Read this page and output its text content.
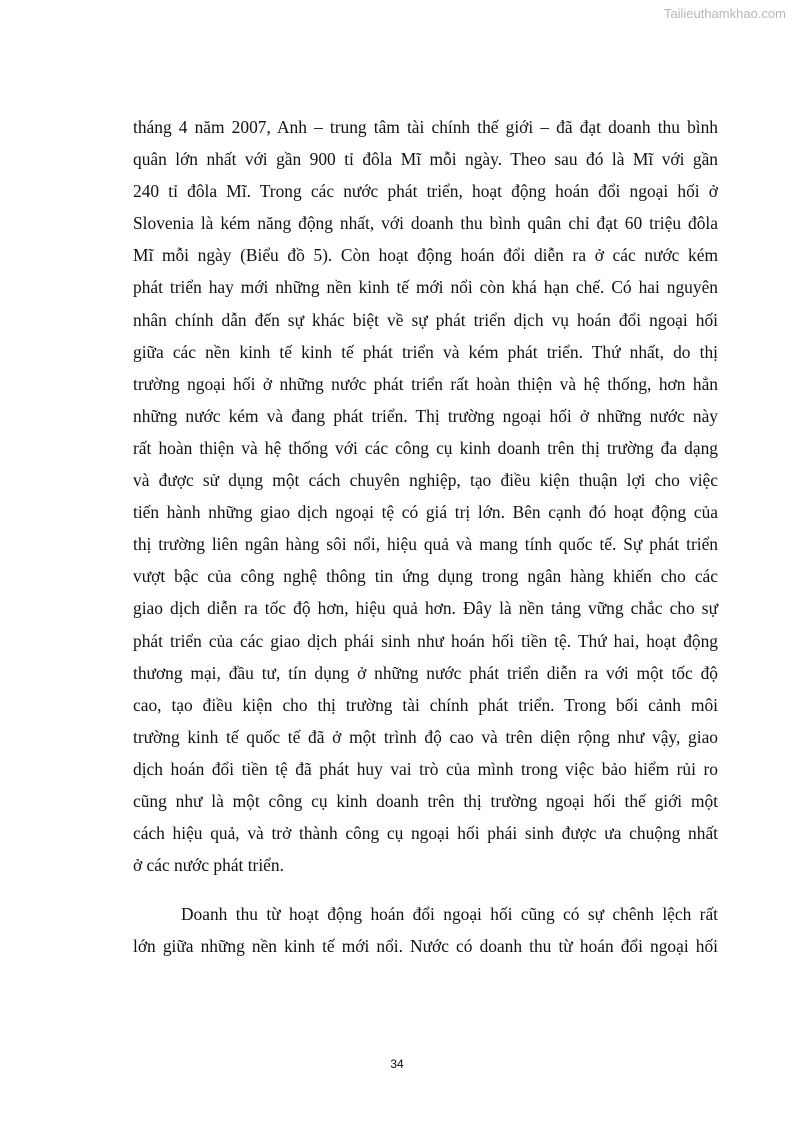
Tailieuthamkhao.com
tháng 4 năm 2007, Anh – trung tâm tài chính thế giới – đã đạt doanh thu bình
quân lớn nhất với gần 900 tỉ đôla Mĩ mỗi ngày. Theo sau đó là Mĩ với gần
240 tỉ đôla Mĩ. Trong các nước phát triển, hoạt động hoán đổi ngoại hối ở
Slovenia là kém năng động nhất, với doanh thu bình quân chỉ đạt 60 triệu đôla
Mĩ mỗi ngày (Biểu đồ 5). Còn hoạt động hoán đổi diễn ra ở các nước kém
phát triển hay mới những nền kinh tế mới nổi còn khá hạn chế. Có hai nguyên
nhân chính dẫn đến sự khác biệt về sự phát triển dịch vụ hoán đổi ngoại hối
giữa các nền kinh tế kinh tế phát triển và kém phát triển. Thứ nhất, do thị
trường ngoại hối ở những nước phát triển rất hoàn thiện và hệ thống, hơn hẳn
những nước kém và đang phát triển. Thị trường ngoại hối ở những nước này
rất hoàn thiện và hệ thống với các công cụ kinh doanh trên thị trường đa dạng
và được sử dụng một cách chuyên nghiệp, tạo điều kiện thuận lợi cho việc
tiến hành những giao dịch ngoại tệ có giá trị lớn. Bên cạnh đó hoạt động của
thị trường liên ngân hàng sôi nổi, hiệu quả và mang tính quốc tế. Sự phát triển
vượt bậc của công nghệ thông tin ứng dụng trong ngân hàng khiến cho các
giao dịch diễn ra tốc độ hơn, hiệu quả hơn. Đây là nền tảng vững chắc cho sự
phát triển của các giao dịch phái sinh như hoán hối tiền tệ. Thứ hai, hoạt động
thương mại, đầu tư, tín dụng ở những nước phát triển diễn ra với một tốc độ
cao, tạo điều kiện cho thị trường tài chính phát triển. Trong bối cảnh môi
trường kinh tế quốc tế đã ở một trình độ cao và trên diện rộng như vậy, giao
dịch hoán đổi tiền tệ đã phát huy vai trò của mình trong việc bảo hiểm rủi ro
cũng như là một công cụ kinh doanh trên thị trường ngoại hối thế giới một
cách hiệu quả, và trở thành công cụ ngoại hối phái sinh được ưa chuộng nhất
ở các nước phát triển.
Doanh thu từ hoạt động hoán đổi ngoại hối cũng có sự chênh lệch rất
lớn giữa những nền kinh tế mới nổi. Nước có doanh thu từ hoán đổi ngoại hối
34
